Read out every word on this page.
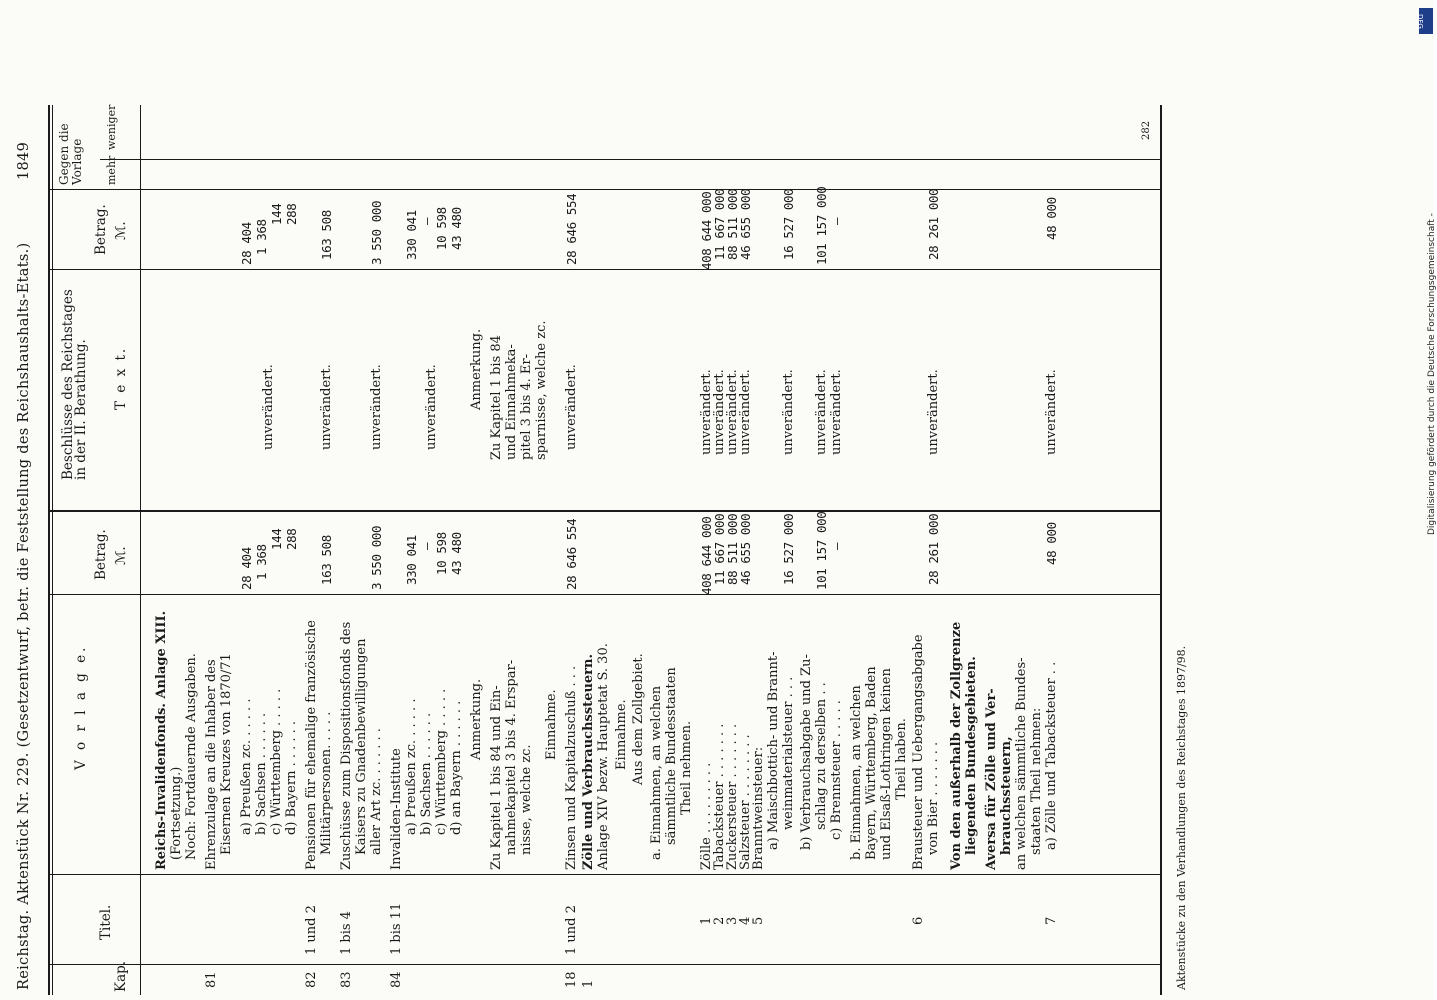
Reichstag. Aktenstück Nr. 229. (Gesetzentwurf, betr. die Feststellung des Reichshaushalts-Etats.)
1849
Kap.
Titel.
V o r l a g e.
Betrag. ℳ.
Beschlüsse des Reichstages in der II. Berathung. T e x t.
Betrag. ℳ.
Gegen die Vorlage mehr
weniger
Reichs-Invalidenfonds. Anlage XIII. (Fortsetzung.) Noch: Fortdauernde Ausgaben.
81
Ehrenzulage an die Inhaber des Eisernen Kreuzes von 1870/71 a) Preußen zc. . . . . .
28 404
28 404
b) Sachsen . . . . . .
1 368
unverändert.
1 368
c) Württemberg . . . . .
144
144
d) Bayern . . . . . .
288
288
82
1 und 2
Pensionen für ehemalige französische Militärpersonen. . . . .
163 508
unverändert.
163 508
83
1 bis 4
Zuschüsse zum Dispositionsfonds des Kaisers zu Gnadenbewilligungen aller Art zc. . . . . . .
3 550 000
unverändert.
3 550 000
84
1 bis 11
Invaliden-Institute a) Preußen zc. . . . . .
330 041
330 041
b) Sachsen . . . . . .
—
unverändert.
—
c) Württemberg . . . . .
10 598
10 598
d) an Bayern . . . . . .
43 480
43 480
Anmerkung. Zu Kapitel 1 bis 84 und Ein- nahmekapitel 3 bis 4. Erspar- nisse, welche zc.
Anmerkung. Zu Kapitel 1 bis 84 und Einnahmeka- pitel 3 bis 4. Er- sparnisse, welche zc.
Einnahme.
18
1 und 2
Zinsen und Kapitalzuschuß . . .
28 646 554
unverändert.
28 646 554
1
Zölle und Verbrauchssteuern. Anlage XIV bezw. Hauptetat S. 30. Einnahme. Aus dem Zollgebiet. a. Einnahmen, an welchen sämmtliche Bundesstaaten Theil nehmen.
1
Zölle . . . . . . . . .
408 644 000
unverändert.
408 644 000
2
Tabacksteuer . . . . . . .
11 667 000
unverändert.
11 667 000
3
Zuckersteuer . . . . . . .
88 511 000
unverändert.
88 511 000
4
Salzsteuer . . . . . . . .
46 655 000
unverändert.
46 655 000
5
Branntweinsteuer: a) Maischbottich- und Brannt- weinmaterialsteuer . . .
16 527 000
unverändert.
16 527 000
b) Verbrauchsabgabe und Zu- schlag zu derselben . .
101 157 000
unverändert.
101 157 000
c) Brennsteuer . . . . .
—
unverändert.
—
b. Einnahmen, an welchen Bayern, Württemberg, Baden und Elsaß-Lothringen keinen Theil haben.
6
Brausteuer und Uebergangsabgabe von Bier . . . . . . .
28 261 000
unverändert.
28 261 000
Von den außerhalb der Zollgrenze liegenden Bundesgebieten. Aversa für Zölle und Ver- brauchssteuern, an welchen sämmtliche Bundes- staaten Theil nehmen:
7
a) Zölle und Tabacksteuer . .
48 000
unverändert.
48 000
Aktenstücke zu den Verhandlungen des Reichstages 1897/98.
282
DFG
Digitalisierung gefördert durch die Deutsche Forschungsgemeinschaft -
